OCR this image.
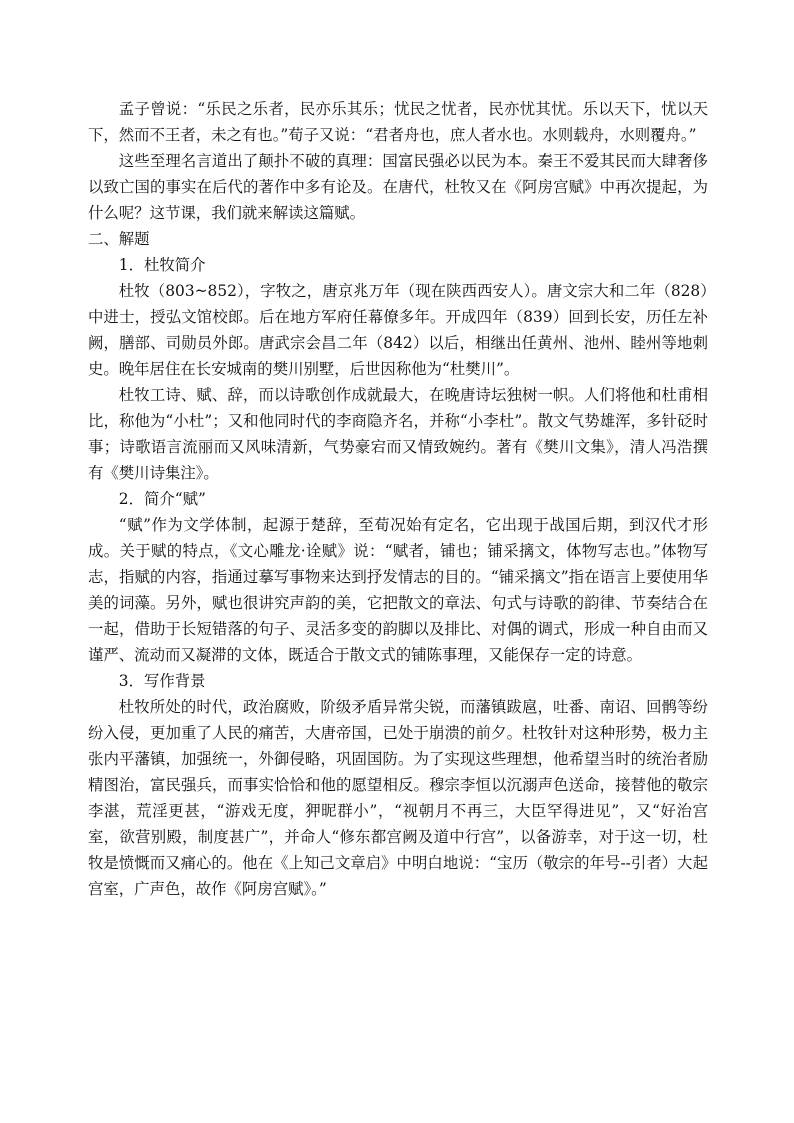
孟子曾说：“乐民之乐者，民亦乐其乐；忧民之忧者，民亦忧其忧。乐以天下，忧以天下，然而不王者，未之有也。”荀子又说：“君者舟也，庶人者水也。水则载舟，水则覆舟。”

这些至理名言道出了颠扑不破的真理：国富民强必以民为本。秦王不爱其民而大肆奢侈以致亡国的事实在后代的著作中多有论及。在唐代，杜牧又在《阿房宫赋》中再次提起，为什么呢？这节课，我们就来解读这篇赋。

二、解题

1．杜牧简介

杜牧（803~852），字牧之，唐京兆万年（现在陕西西安人）。唐文宗大和二年（828）中进士，授弘文馆校郎。后在地方军府任幕僚多年。开成四年（839）回到长安，历任左补阙，膳部、司勋员外郎。唐武宗会昌二年（842）以后，相继出任黄州、池州、睦州等地刺史。晚年居住在长安城南的樊川别墅，后世因称他为“杜樊川”。

杜牧工诗、赋、辞，而以诗歌创作成就最大，在晚唐诗坛独树一帜。人们将他和杜甫相比，称他为“小杜”；又和他同时代的李商隐齐名，并称“小李杜”。散文气势雄浑，多针砭时事；诗歌语言流丽而又风味清新，气势豪宕而又情致婉约。著有《樊川文集》，清人冯浩撰有《樊川诗集注》。

2．简介“赋”

“赋”作为文学体制，起源于楚辞，至荀况始有定名，它出现于战国后期，到汉代才形成。关于赋的特点，《文心雕龙·诠赋》说：“赋者，铺也；铺采摛文，体物写志也。”体物写志，指赋的内容，指通过摹写事物来达到抒发情志的目的。“铺采摛文”指在语言上要使用华美的词藻。另外，赋也很讲究声韵的美，它把散文的章法、句式与诗歌的韵律、节奏结合在一起，借助于长短错落的句子、灵活多变的韵脚以及排比、对偶的调式，形成一种自由而又谨严、流动而又凝滞的文体，既适合于散文式的铺陈事理，又能保存一定的诗意。

3．写作背景

杜牧所处的时代，政治腐败，阶级矛盾异常尖锐，而藩镇跋扈，吐番、南诏、回鹘等纷纷入侵，更加重了人民的痛苦，大唐帝国，已处于崩溃的前夕。杜牧针对这种形势，极力主张内平藩镇，加强统一，外御侵略，巩固国防。为了实现这些理想，他希望当时的统治者励精图治，富民强兵，而事实恰恰和他的愿望相反。穆宗李恒以沉溺声色送命，接替他的敬宗李湛，荒淫更甚，“游戏无度，狎昵群小”，“视朝月不再三，大臣罕得进见”，又“好治宫室，欲营别殿，制度甚广”，并命人“修东都宫阙及道中行宫”，以备游幸，对于这一切，杜牧是愤慨而又痛心的。他在《上知己文章启》中明白地说：“宝历（敬宗的年号--引者）大起宫室，广声色，故作《阿房宫赋》。”
